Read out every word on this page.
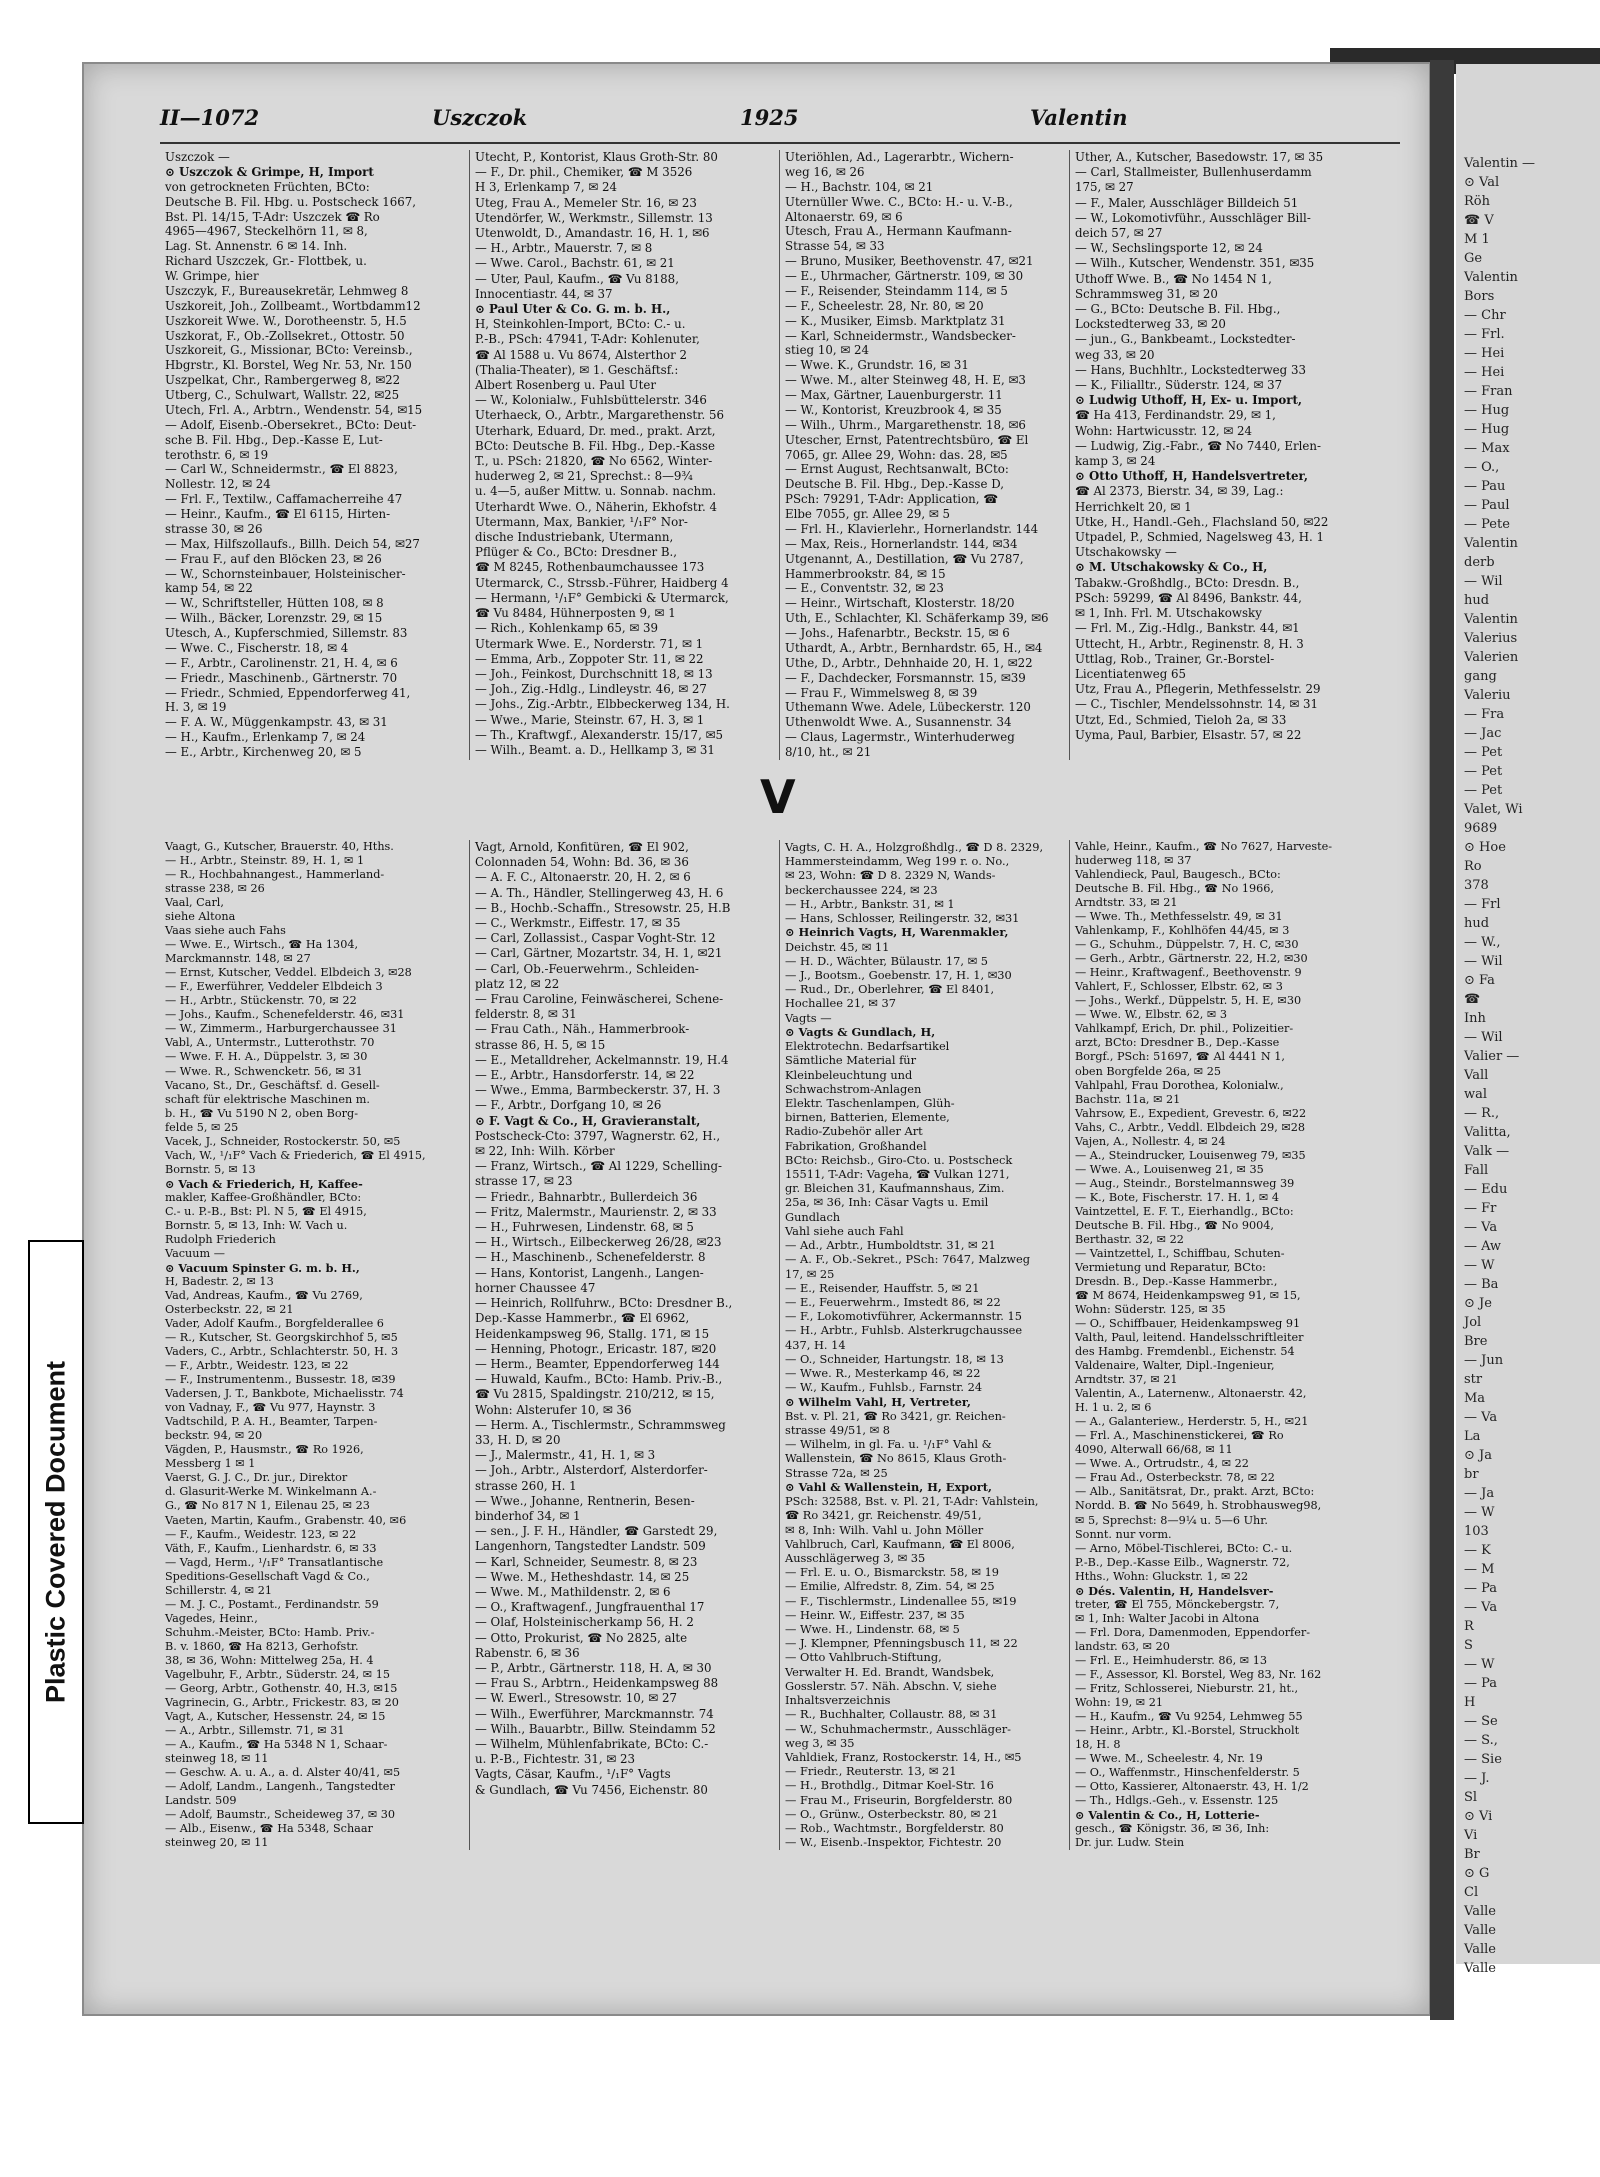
Valentin —
⊙ Val
Röh
☎ V
M 1
Ge
Valentin
Bors
— Chr
— Frl.
— Hei
— Hei
— Fran
— Hug
— Hug
— Max
— O.,
— Pau
— Paul
— Pete
Valentin
derb
— Wil
hud
Valentin
Valerius
Valerien
gang
Valeriu
— Fra
— Jac
— Pet
— Pet
— Pet
Valet, Wi
9689
⊙ Hoe
Ro
378
— Frl
hud
— W.,
— Wil
⊙ Fa
☎
Inh
— Wil
Valier —
Vall
wal
— R.,
Valitta,
Valk —
Fall
— Edu
— Fr
— Va
— Aw
— W
— Ba
⊙ Je
Jol
Bre
— Jun
str
Ma
— Va
La
⊙ Ja
br
— Ja
— W
103
— K
— M
— Pa
— Va
R
S
— W
— Pa
H
— Se
— S.,
— Sie
— J.
Sl
⊙ Vi
Vi
Br
⊙ G
Cl
Valle
Valle
Valle
Valle
Plastic Covered Document
II—1072	Uszczok	1925	Valentin
Uszczok —
⊙ Uszczok & Grimpe, H, Import
von getrockneten Früchten, BCto:
Deutsche B. Fil. Hbg. u. Postscheck 1667,
Bst. Pl. 14/15, T-Adr: Uszczek ☎ Ro
4965—4967, Steckelhörn 11, ✉ 8,
Lag. St. Annenstr. 6 ✉ 14. Inh.
Richard Uszczek, Gr.- Flottbek, u.
W. Grimpe, hier
Uszczyk, F., Bureausekretär, Lehmweg 8
Uszkoreit, Joh., Zollbeamt., Wortbdamm12
Uszkoreit Wwe. W., Dorotheenstr. 5, H.5
Uszkorat, F., Ob.-Zollsekret., Ottostr. 50
Uszkoreit, G., Missionar, BCto: Vereinsb.,
Hbgrstr., Kl. Borstel, Weg Nr. 53, Nr. 150
Uszpelkat, Chr., Rambergerweg 8, ✉22
Utberg, C., Schulwart, Wallstr. 22, ✉25
Utech, Frl. A., Arbtrn., Wendenstr. 54, ✉15
— Adolf, Eisenb.-Obersekret., BCto: Deut-
sche B. Fil. Hbg., Dep.-Kasse E, Lut-
terothstr. 6, ✉ 19
— Carl W., Schneidermstr., ☎ El 8823,
Nollestr. 12, ✉ 24
— Frl. F., Textilw., Caffamacherreihe 47
— Heinr., Kaufm., ☎ El 6115, Hirten-
strasse 30, ✉ 26
— Max, Hilfszollaufs., Billh. Deich 54, ✉27
— Frau F., auf den Blöcken 23, ✉ 26
— W., Schornsteinbauer, Holsteinischer-
kamp 54, ✉ 22
— W., Schriftsteller, Hütten 108, ✉ 8
— Wilh., Bäcker, Lorenzstr. 29, ✉ 15
Utesch, A., Kupferschmied, Sillemstr. 83
— Wwe. C., Fischerstr. 18, ✉ 4
— F., Arbtr., Carolinenstr. 21, H. 4, ✉ 6
— Friedr., Maschinenb., Gärtnerstr. 70
— Friedr., Schmied, Eppendorferweg 41,
H. 3, ✉ 19
— F. A. W., Müggenkampstr. 43, ✉ 31
— H., Kaufm., Erlenkamp 7, ✉ 24
— E., Arbtr., Kirchenweg 20, ✉ 5
Utecht, P., Kontorist, Klaus Groth-Str. 80
— F., Dr. phil., Chemiker, ☎ M 3526
H 3, Erlenkamp 7, ✉ 24
Uteg, Frau A., Memeler Str. 16, ✉ 23
Utendörfer, W., Werkmstr., Sillemstr. 13
Utenwoldt, D., Amandastr. 16, H. 1, ✉6
— H., Arbtr., Mauerstr. 7, ✉ 8
— Wwe. Carol., Bachstr. 61, ✉ 21
— Uter, Paul, Kaufm., ☎ Vu 8188,
Innocentiastr. 44, ✉ 37
⊙ Paul Uter & Co. G. m. b. H.,
H, Steinkohlen-Import, BCto: C.- u.
P.-B., PSch: 47941, T-Adr: Kohlenuter,
☎ Al 1588 u. Vu 8674, Alsterthor 2
(Thalia-Theater), ✉ 1. Geschäftsf.:
Albert Rosenberg u. Paul Uter
— W., Kolonialw., Fuhlsbüttelerstr. 346
Uterhaeck, O., Arbtr., Margarethenstr. 56
Uterhark, Eduard, Dr. med., prakt. Arzt,
BCto: Deutsche B. Fil. Hbg., Dep.-Kasse
T., u. PSch: 21820, ☎ No 6562, Winter-
huderweg 2, ✉ 21, Sprechst.: 8—9¾
u. 4—5, außer Mittw. u. Sonnab. nachm.
Uterhardt Wwe. O., Näherin, Ekhofstr. 4
Utermann, Max, Bankier, ¹/₁F° Nor-
dische Industriebank, Utermann,
Pflüger & Co., BCto: Dresdner B.,
☎ M 8245, Rothenbaumchaussee 173
Utermarck, C., Strssb.-Führer, Haidberg 4
— Hermann, ¹/₁F° Gembicki & Utermarck,
☎ Vu 8484, Hühnerposten 9, ✉ 1
— Rich., Kohlenkamp 65, ✉ 39
Utermark Wwe. E., Norderstr. 71, ✉ 1
— Emma, Arb., Zoppoter Str. 11, ✉ 22
— Joh., Feinkost, Durchschnitt 18, ✉ 13
— Joh., Zig.-Hdlg., Lindleystr. 46, ✉ 27
— Johs., Zig.-Arbtr., Elbbeckerweg 134, H.
— Wwe., Marie, Steinstr. 67, H. 3, ✉ 1
— Th., Kraftwgf., Alexanderstr. 15/17, ✉5
— Wilh., Beamt. a. D., Hellkamp 3, ✉ 31
Uteriöhlen, Ad., Lagerarbtr., Wichern-
weg 16, ✉ 26
— H., Bachstr. 104, ✉ 21
Uternüller Wwe. C., BCto: H.- u. V.-B.,
Altonaerstr. 69, ✉ 6
Utesch, Frau A., Hermann Kaufmann-
Strasse 54, ✉ 33
— Bruno, Musiker, Beethovenstr. 47, ✉21
— E., Uhrmacher, Gärtnerstr. 109, ✉ 30
— F., Reisender, Steindamm 114, ✉ 5
— F., Scheelestr. 28, Nr. 80, ✉ 20
— K., Musiker, Eimsb. Marktplatz 31
— Karl, Schneidermstr., Wandsbecker-
stieg 10, ✉ 24
— Wwe. K., Grundstr. 16, ✉ 31
— Wwe. M., alter Steinweg 48, H. E, ✉3
— Max, Gärtner, Lauenburgerstr. 11
— W., Kontorist, Kreuzbrook 4, ✉ 35
— Wilh., Uhrm., Margarethenstr. 18, ✉6
Utescher, Ernst, Patentrechtsbüro, ☎ El
7065, gr. Allee 29, Wohn: das. 28, ✉5
— Ernst August, Rechtsanwalt, BCto:
Deutsche B. Fil. Hbg., Dep.-Kasse D,
PSch: 79291, T-Adr: Application, ☎
Elbe 7055, gr. Allee 29, ✉ 5
— Frl. H., Klavierlehr., Hornerlandstr. 144
— Max, Reis., Hornerlandstr. 144, ✉34
Utgenannt, A., Destillation, ☎ Vu 2787,
Hammerbrookstr. 84, ✉ 15
— E., Conventstr. 32, ✉ 23
— Heinr., Wirtschaft, Klosterstr. 18/20
Uth, E., Schlachter, Kl. Schäferkamp 39, ✉6
— Johs., Hafenarbtr., Beckstr. 15, ✉ 6
Uthardt, A., Arbtr., Bernhardstr. 65, H., ✉4
Uthe, D., Arbtr., Dehnhaide 20, H. 1, ✉22
— F., Dachdecker, Forsmannstr. 15, ✉39
— Frau F., Wimmelsweg 8, ✉ 39
Uthemann Wwe. Adele, Lübeckerstr. 120
Uthenwoldt Wwe. A., Susannenstr. 34
— Claus, Lagermstr., Winterhuderweg
8/10, ht., ✉ 21
Uther, A., Kutscher, Basedowstr. 17, ✉ 35
— Carl, Stallmeister, Bullenhuserdamm
175, ✉ 27
— F., Maler, Ausschläger Billdeich 51
— W., Lokomotivführ., Ausschläger Bill-
deich 57, ✉ 27
— W., Sechslingsporte 12, ✉ 24
— Wilh., Kutscher, Wendenstr. 351, ✉35
Uthoff Wwe. B., ☎ No 1454 N 1,
Schrammsweg 31, ✉ 20
— G., BCto: Deutsche B. Fil. Hbg.,
Lockstedterweg 33, ✉ 20
— jun., G., Bankbeamt., Lockstedter-
weg 33, ✉ 20
— Hans, Buchhltr., Lockstedterweg 33
— K., Filialltr., Süderstr. 124, ✉ 37
⊙ Ludwig Uthoff, H, Ex- u. Import,
☎ Ha 413, Ferdinandstr. 29, ✉ 1,
Wohn: Hartwicusstr. 12, ✉ 24
— Ludwig, Zig.-Fabr., ☎ No 7440, Erlen-
kamp 3, ✉ 24
⊙ Otto Uthoff, H, Handelsvertreter,
☎ Al 2373, Bierstr. 34, ✉ 39, Lag.:
Herrichkelt 20, ✉ 1
Utke, H., Handl.-Geh., Flachsland 50, ✉22
Utpadel, P., Schmied, Nagelsweg 43, H. 1
Utschakowsky —
⊙ M. Utschakowsky & Co., H,
Tabakw.-Großhdlg., BCto: Dresdn. B.,
PSch: 59299, ☎ Al 8496, Bankstr. 44,
✉ 1, Inh. Frl. M. Utschakowsky
— Frl. M., Zig.-Hdlg., Bankstr. 44, ✉1
Uttecht, H., Arbtr., Reginenstr. 8, H. 3
Uttlag, Rob., Trainer, Gr.-Borstel-
Licentiatenweg 65
Utz, Frau A., Pflegerin, Methfesselstr. 29
— C., Tischler, Mendelssohnstr. 14, ✉ 31
Utzt, Ed., Schmied, Tieloh 2a, ✉ 33
Uyma, Paul, Barbier, Elsastr. 57, ✉ 22
V
Vaagt, G., Kutscher, Brauerstr. 40, Hths.
— H., Arbtr., Steinstr. 89, H. 1, ✉ 1
— R., Hochbahnangest., Hammerland-
strasse 238, ✉ 26
Vaal, Carl,
siehe Altona
Vaas siehe auch Fahs
— Wwe. E., Wirtsch., ☎ Ha 1304,
Marckmannstr. 148, ✉ 27
— Ernst, Kutscher, Veddel. Elbdeich 3, ✉28
— F., Ewerführer, Veddeler Elbdeich 3
— H., Arbtr., Stückenstr. 70, ✉ 22
— Johs., Kaufm., Schenefelderstr. 46, ✉31
— W., Zimmerm., Harburgerchaussee 31
Vabl, A., Untermstr., Lutterothstr. 70
— Wwe. F. H. A., Düppelstr. 3, ✉ 30
— Wwe. R., Schwencketr. 56, ✉ 31
Vacano, St., Dr., Geschäftsf. d. Gesell-
schaft für elektrische Maschinen m.
b. H., ☎ Vu 5190 N 2, oben Borg-
felde 5, ✉ 25
Vacek, J., Schneider, Rostockerstr. 50, ✉5
Vach, W., ¹/₁F° Vach & Friederich, ☎ El 4915,
Bornstr. 5, ✉ 13
⊙ Vach & Friederich, H, Kaffee-
makler, Kaffee-Großhändler, BCto:
C.- u. P.-B., Bst: Pl. N 5, ☎ El 4915,
Bornstr. 5, ✉ 13, Inh: W. Vach u.
Rudolph Friederich
Vacuum —
⊙ Vacuum Spinster G. m. b. H.,
H, Badestr. 2, ✉ 13
Vad, Andreas, Kaufm., ☎ Vu 2769,
Osterbeckstr. 22, ✉ 21
Vader, Adolf Kaufm., Borgfelderallee 6
— R., Kutscher, St. Georgskirchhof 5, ✉5
Vaders, C., Arbtr., Schlachterstr. 50, H. 3
— F., Arbtr., Weidestr. 123, ✉ 22
— F., Instrumentenm., Bussestr. 18, ✉39
Vadersen, J. T., Bankbote, Michaelisstr. 74
von Vadnay, F., ☎ Vu 977, Haynstr. 3
Vadtschild, P. A. H., Beamter, Tarpen-
beckstr. 94, ✉ 20
Vägden, P., Hausmstr., ☎ Ro 1926,
Messberg 1 ✉ 1
Vaerst, G. J. C., Dr. jur., Direktor
d. Glasurit-Werke M. Winkelmann A.-
G., ☎ No 817 N 1, Eilenau 25, ✉ 23
Vaeten, Martin, Kaufm., Grabenstr. 40, ✉6
— F., Kaufm., Weidestr. 123, ✉ 22
Väth, F., Kaufm., Lienhardstr. 6, ✉ 33
— Vagd, Herm., ¹/₁F° Transatlantische
Speditions-Gesellschaft Vagd & Co.,
Schillerstr. 4, ✉ 21
— M. J. C., Postamt., Ferdinandstr. 59
Vagedes, Heinr.,
Schuhm.-Meister, BCto: Hamb. Priv.-
B. v. 1860, ☎ Ha 8213, Gerhofstr.
38, ✉ 36, Wohn: Mittelweg 25a, H. 4
Vagelbuhr, F., Arbtr., Süderstr. 24, ✉ 15
— Georg, Arbtr., Gothenstr. 40, H.3, ✉15
Vagrinecin, G., Arbtr., Frickestr. 83, ✉ 20
Vagt, A., Kutscher, Hessenstr. 24, ✉ 15
— A., Arbtr., Sillemstr. 71, ✉ 31
— A., Kaufm., ☎ Ha 5348 N 1, Schaar-
steinweg 18, ✉ 11
— Geschw. A. u. A., a. d. Alster 40/41, ✉5
— Adolf, Landm., Langenh., Tangstedter
Landstr. 509
— Adolf, Baumstr., Scheideweg 37, ✉ 30
— Alb., Eisenw., ☎ Ha 5348, Schaar
steinweg 20, ✉ 11
Vagt, Arnold, Konfitüren, ☎ El 902,
Colonnaden 54, Wohn: Bd. 36, ✉ 36
— A. F. C., Altonaerstr. 20, H. 2, ✉ 6
— A. Th., Händler, Stellingerweg 43, H. 6
— B., Hochb.-Schaffn., Stresowstr. 25, H.B
— C., Werkmstr., Eiffestr. 17, ✉ 35
— Carl, Zollassist., Caspar Voght-Str. 12
— Carl, Gärtner, Mozartstr. 34, H. 1, ✉21
— Carl, Ob.-Feuerwehrm., Schleiden-
platz 12, ✉ 22
— Frau Caroline, Feinwäscherei, Schene-
felderstr. 8, ✉ 31
— Frau Cath., Näh., Hammerbrook-
strasse 86, H. 5, ✉ 15
— E., Metalldreher, Ackelmannstr. 19, H.4
— E., Arbtr., Hansdorferstr. 14, ✉ 22
— Wwe., Emma, Barmbeckerstr. 37, H. 3
— F., Arbtr., Dorfgang 10, ✉ 26
⊙ F. Vagt & Co., H, Gravieranstalt,
Postscheck-Cto: 3797, Wagnerstr. 62, H.,
✉ 22, Inh: Wilh. Körber
— Franz, Wirtsch., ☎ Al 1229, Schelling-
strasse 17, ✉ 23
— Friedr., Bahnarbtr., Bullerdeich 36
— Fritz, Malermstr., Maurienstr. 2, ✉ 33
— H., Fuhrwesen, Lindenstr. 68, ✉ 5
— H., Wirtsch., Eilbeckerweg 26/28, ✉23
— H., Maschinenb., Schenefelderstr. 8
— Hans, Kontorist, Langenh., Langen-
horner Chaussee 47
— Heinrich, Rollfuhrw., BCto: Dresdner B.,
Dep.-Kasse Hammerbr., ☎ El 6962,
Heidenkampsweg 96, Stallg. 171, ✉ 15
— Henning, Photogr., Ericastr. 187, ✉20
— Herm., Beamter, Eppendorferweg 144
— Huwald, Kaufm., BCto: Hamb. Priv.-B.,
☎ Vu 2815, Spaldingstr. 210/212, ✉ 15,
Wohn: Alsterufer 10, ✉ 36
— Herm. A., Tischlermstr., Schrammsweg
33, H. D, ✉ 20
— J., Malermstr., 41, H. 1, ✉ 3
— Joh., Arbtr., Alsterdorf, Alsterdorfer-
strasse 260, H. 1
— Wwe., Johanne, Rentnerin, Besen-
binderhof 34, ✉ 1
— sen., J. F. H., Händler, ☎ Garstedt 29,
Langenhorn, Tangstedter Landstr. 509
— Karl, Schneider, Seumestr. 8, ✉ 23
— Wwe. M., Hetheshdastr. 14, ✉ 25
— Wwe. M., Mathildenstr. 2, ✉ 6
— O., Kraftwagenf., Jungfrauenthal 17
— Olaf, Holsteinischerkamp 56, H. 2
— Otto, Prokurist, ☎ No 2825, alte
Rabenstr. 6, ✉ 36
— P., Arbtr., Gärtnerstr. 118, H. A, ✉ 30
— Frau S., Arbtrn., Heidenkampsweg 88
— W. Ewerl., Stresowstr. 10, ✉ 27
— Wilh., Ewerführer, Marckmannstr. 74
— Wilh., Bauarbtr., Billw. Steindamm 52
— Wilhelm, Mühlenfabrikate, BCto: C.-
u. P.-B., Fichtestr. 31, ✉ 23
Vagts, Cäsar, Kaufm., ¹/₁F° Vagts
& Gundlach, ☎ Vu 7456, Eichenstr. 80
Vagts, C. H. A., Holzgroßhdlg., ☎ D 8. 2329,
Hammersteindamm, Weg 199 r. o. No.,
✉ 23, Wohn: ☎ D 8. 2329 N, Wands-
beckerchaussee 224, ✉ 23
— H., Arbtr., Bankstr. 31, ✉ 1
— Hans, Schlosser, Reilingerstr. 32, ✉31
⊙ Heinrich Vagts, H, Warenmakler,
Deichstr. 45, ✉ 11
— H. D., Wächter, Bülaustr. 17, ✉ 5
— J., Bootsm., Goebenstr. 17, H. 1, ✉30
— Rud., Dr., Oberlehrer, ☎ El 8401,
Hochallee 21, ✉ 37
Vagts —
⊙ Vagts & Gundlach, H,
Elektrotechn. Bedarfsartikel
Sämtliche Material für
Kleinbeleuchtung und
Schwachstrom-Anlagen
Elektr. Taschenlampen, Glüh-
birnen, Batterien, Elemente,
Radio-Zubehör aller Art
Fabrikation, Großhandel
BCto: Reichsb., Giro-Cto. u. Postscheck
15511, T-Adr: Vageha, ☎ Vulkan 1271,
gr. Bleichen 31, Kaufmannshaus, Zim.
25a, ✉ 36, Inh: Cäsar Vagts u. Emil
Gundlach
Vahl siehe auch Fahl
— Ad., Arbtr., Humboldtstr. 31, ✉ 21
— A. F., Ob.-Sekret., PSch: 7647, Malzweg
17, ✉ 25
— E., Reisender, Hauffstr. 5, ✉ 21
— E., Feuerwehrm., Imstedt 86, ✉ 22
— F., Lokomotivführer, Ackermannstr. 15
— H., Arbtr., Fuhlsb. Alsterkrugchaussee
437, H. 14
— O., Schneider, Hartungstr. 18, ✉ 13
— Wwe. R., Mesterkamp 46, ✉ 22
— W., Kaufm., Fuhlsb., Farnstr. 24
⊙ Wilhelm Vahl, H, Vertreter,
Bst. v. Pl. 21, ☎ Ro 3421, gr. Reichen-
strasse 49/51, ✉ 8
— Wilhelm, in gl. Fa. u. ¹/₁F° Vahl &
Wallenstein, ☎ No 8615, Klaus Groth-
Strasse 72a, ✉ 25
⊙ Vahl & Wallenstein, H, Export,
PSch: 32588, Bst. v. Pl. 21, T-Adr: Vahlstein,
☎ Ro 3421, gr. Reichenstr. 49/51,
✉ 8, Inh: Wilh. Vahl u. John Möller
Vahlbruch, Carl, Kaufmann, ☎ El 8006,
Ausschlägerweg 3, ✉ 35
— Frl. E. u. O., Bismarckstr. 58, ✉ 19
— Emilie, Alfredstr. 8, Zim. 54, ✉ 25
— F., Tischlermstr., Lindenallee 55, ✉19
— Heinr. W., Eiffestr. 237, ✉ 35
— Wwe. H., Lindenstr. 68, ✉ 5
— J. Klempner, Pfenningsbusch 11, ✉ 22
— Otto Vahlbruch-Stiftung,
Verwalter H. Ed. Brandt, Wandsbek,
Gosslerstr. 57. Näh. Abschn. V, siehe
Inhaltsverzeichnis
— R., Buchhalter, Collaustr. 88, ✉ 31
— W., Schuhmachermstr., Ausschläger-
weg 3, ✉ 35
Vahldiek, Franz, Rostockerstr. 14, H., ✉5
— Friedr., Reuterstr. 13, ✉ 21
— H., Brothdlg., Ditmar Koel-Str. 16
— Frau M., Friseurin, Borgfelderstr. 80
— O., Grünw., Osterbeckstr. 80, ✉ 21
— Rob., Wachtmstr., Borgfelderstr. 80
— W., Eisenb.-Inspektor, Fichtestr. 20
Vahle, Heinr., Kaufm., ☎ No 7627, Harveste-
huderweg 118, ✉ 37
Vahlendieck, Paul, Baugesch., BCto:
Deutsche B. Fil. Hbg., ☎ No 1966,
Arndtstr. 33, ✉ 21
— Wwe. Th., Methfesselstr. 49, ✉ 31
Vahlenkamp, F., Kohlhöfen 44/45, ✉ 3
— G., Schuhm., Düppelstr. 7, H. C, ✉30
— Gerh., Arbtr., Gärtnerstr. 22, H.2, ✉30
— Heinr., Kraftwagenf., Beethovenstr. 9
Vahlert, F., Schlosser, Elbstr. 62, ✉ 3
— Johs., Werkf., Düppelstr. 5, H. E, ✉30
— Wwe. W., Elbstr. 62, ✉ 3
Vahlkampf, Erich, Dr. phil., Polizeitier-
arzt, BCto: Dresdner B., Dep.-Kasse
Borgf., PSch: 51697, ☎ Al 4441 N 1,
oben Borgfelde 26a, ✉ 25
Vahlpahl, Frau Dorothea, Kolonialw.,
Bachstr. 11a, ✉ 21
Vahrsow, E., Expedient, Grevestr. 6, ✉22
Vahs, C., Arbtr., Veddl. Elbdeich 29, ✉28
Vajen, A., Nollestr. 4, ✉ 24
— A., Steindrucker, Louisenweg 79, ✉35
— Wwe. A., Louisenweg 21, ✉ 35
— Aug., Steindr., Borstelmannsweg 39
— K., Bote, Fischerstr. 17. H. 1, ✉ 4
Vaintzettel, E. F. T., Eierhandlg., BCto:
Deutsche B. Fil. Hbg., ☎ No 9004,
Berthastr. 32, ✉ 22
— Vaintzettel, I., Schiffbau, Schuten-
Vermietung und Reparatur, BCto:
Dresdn. B., Dep.-Kasse Hammerbr.,
☎ M 8674, Heidenkampsweg 91, ✉ 15,
Wohn: Süderstr. 125, ✉ 35
— O., Schiffbauer, Heidenkampsweg 91
Valth, Paul, leitend. Handelsschriftleiter
des Hambg. Fremdenbl., Eichenstr. 54
Valdenaire, Walter, Dipl.-Ingenieur,
Arndtstr. 37, ✉ 21
Valentin, A., Laternenw., Altonaerstr. 42,
H. 1 u. 2, ✉ 6
— A., Galanteriew., Herderstr. 5, H., ✉21
— Frl. A., Maschinenstickerei, ☎ Ro
4090, Alterwall 66/68, ✉ 11
— Wwe. A., Ortrudstr., 4, ✉ 22
— Frau Ad., Osterbeckstr. 78, ✉ 22
— Alb., Sanitätsrat, Dr., prakt. Arzt, BCto:
Nordd. B. ☎ No 5649, h. Strobhausweg98,
✉ 5, Sprechst: 8—9¼ u. 5—6 Uhr.
Sonnt. nur vorm.
— Arno, Möbel-Tischlerei, BCto: C.- u.
P.-B., Dep.-Kasse Eilb., Wagnerstr. 72,
Hths., Wohn: Gluckstr. 1, ✉ 22
⊙ Dés. Valentin, H, Handelsver-
treter, ☎ El 755, Mönckebergstr. 7,
✉ 1, Inh: Walter Jacobi in Altona
— Frl. Dora, Damenmoden, Eppendorfer-
landstr. 63, ✉ 20
— Frl. E., Heimhuderstr. 86, ✉ 13
— F., Assessor, Kl. Borstel, Weg 83, Nr. 162
— Fritz, Schlosserei, Nieburstr. 21, ht.,
Wohn: 19, ✉ 21
— H., Kaufm., ☎ Vu 9254, Lehmweg 55
— Heinr., Arbtr., Kl.-Borstel, Struckholt
18, H. 8
— Wwe. M., Scheelestr. 4, Nr. 19
— O., Waffenmstr., Hinschenfelderstr. 5
— Otto, Kassierer, Altonaerstr. 43, H. 1/2
— Th., Hdlgs.-Geh., v. Essenstr. 125
⊙ Valentin & Co., H, Lotterie-
gesch., ☎ Königstr. 36, ✉ 36, Inh:
Dr. jur. Ludw. Stein
